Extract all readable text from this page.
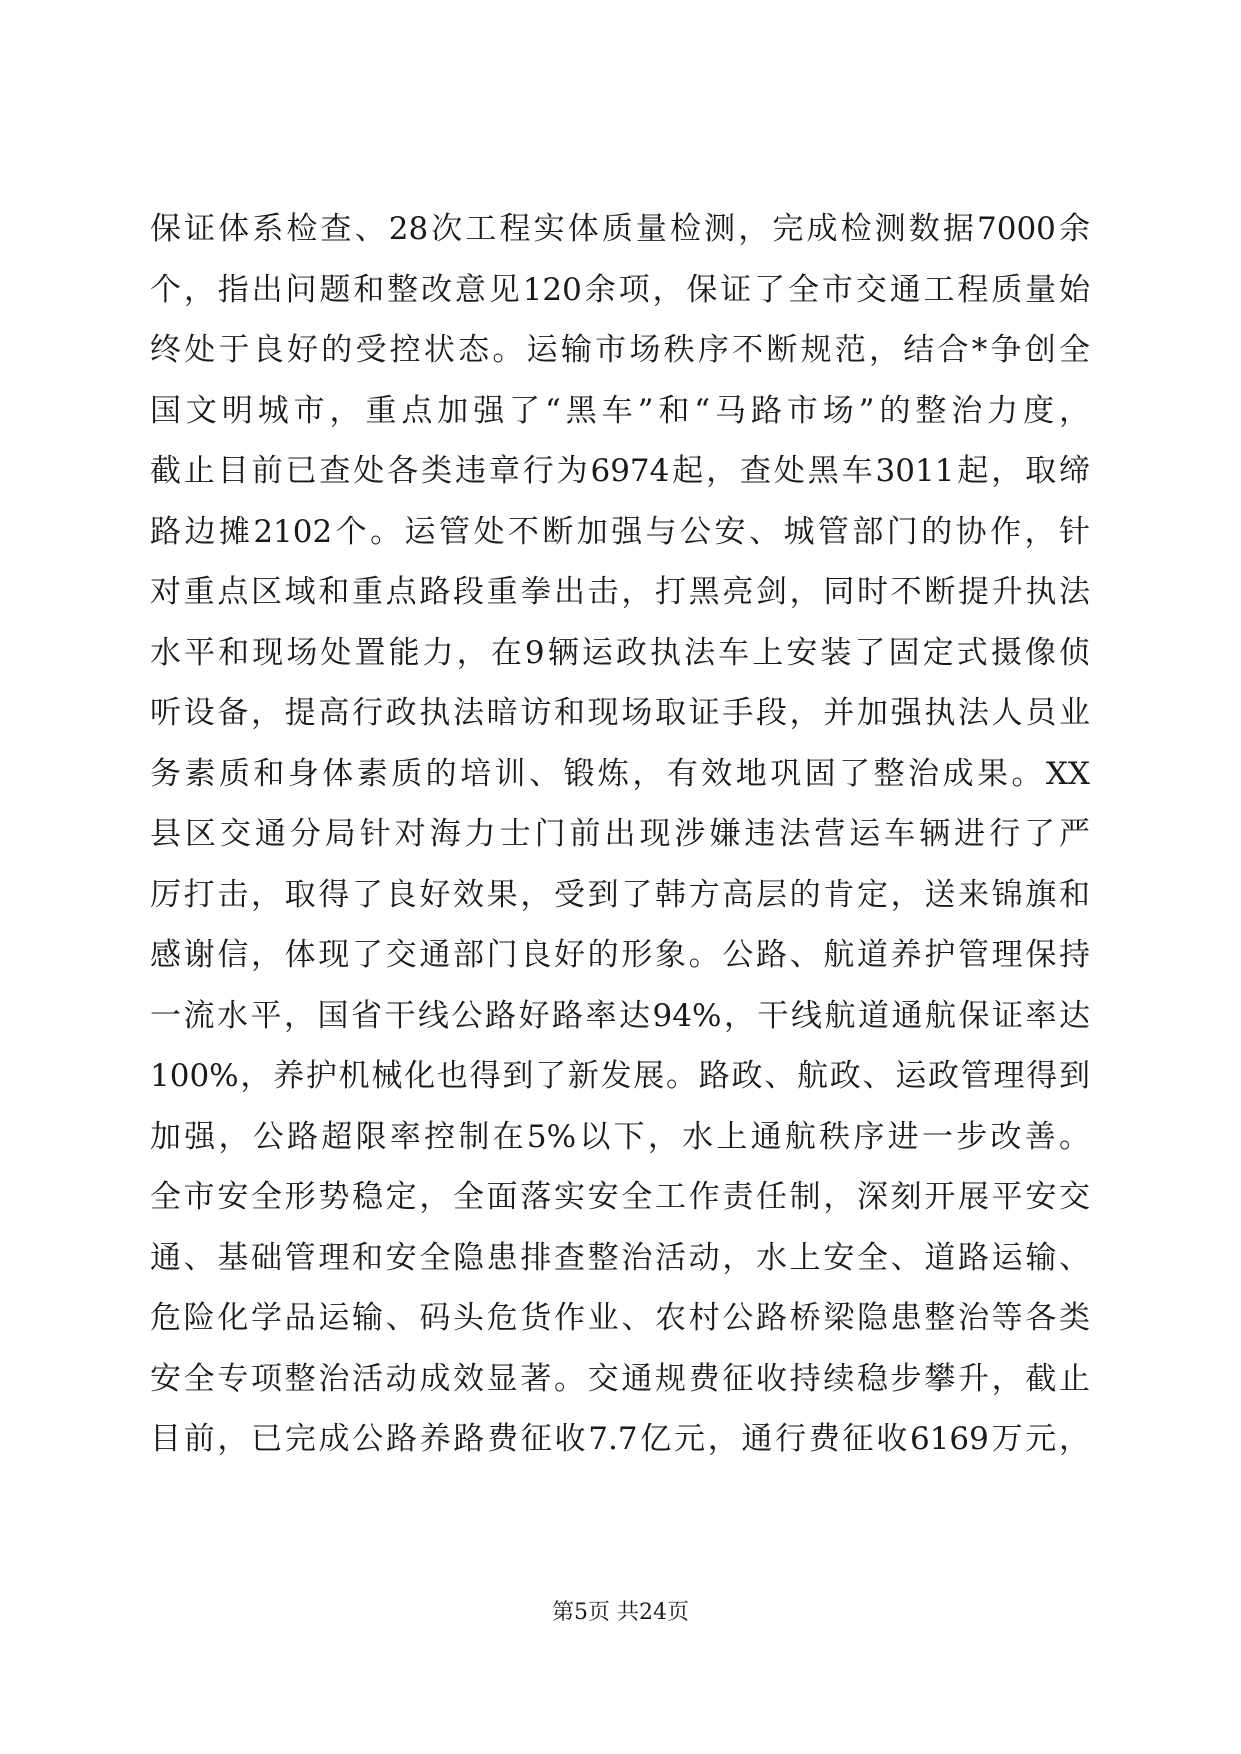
保证体系检查、28次工程实体质量检测，完成检测数据7000余
个，指出问题和整改意见120余项，保证了全市交通工程质量始
终处于良好的受控状态。运输市场秩序不断规范，结合*争创全
国文明城市，重点加强了“黑车”和“马路市场”的整治力度，
截止目前已查处各类违章行为6974起，查处黑车3011起，取缔
路边摊2102个。运管处不断加强与公安、城管部门的协作，针
对重点区域和重点路段重拳出击，打黑亮剑，同时不断提升执法
水平和现场处置能力，在9辆运政执法车上安装了固定式摄像侦
听设备，提高行政执法暗访和现场取证手段，并加强执法人员业
务素质和身体素质的培训、锻炼，有效地巩固了整治成果。XX
县区交通分局针对海力士门前出现涉嫌违法营运车辆进行了严
厉打击，取得了良好效果，受到了韩方高层的肯定，送来锦旗和
感谢信，体现了交通部门良好的形象。公路、航道养护管理保持
一流水平，国省干线公路好路率达94%，干线航道通航保证率达
100%，养护机械化也得到了新发展。路政、航政、运政管理得到
加强，公路超限率控制在5%以下，水上通航秩序进一步改善。
全市安全形势稳定，全面落实安全工作责任制，深刻开展平安交
通、基础管理和安全隐患排查整治活动，水上安全、道路运输、
危险化学品运输、码头危货作业、农村公路桥梁隐患整治等各类
安全专项整治活动成效显著。交通规费征收持续稳步攀升，截止
目前，已完成公路养路费征收7.7亿元，通行费征收6169万元，
第5页 共24页
